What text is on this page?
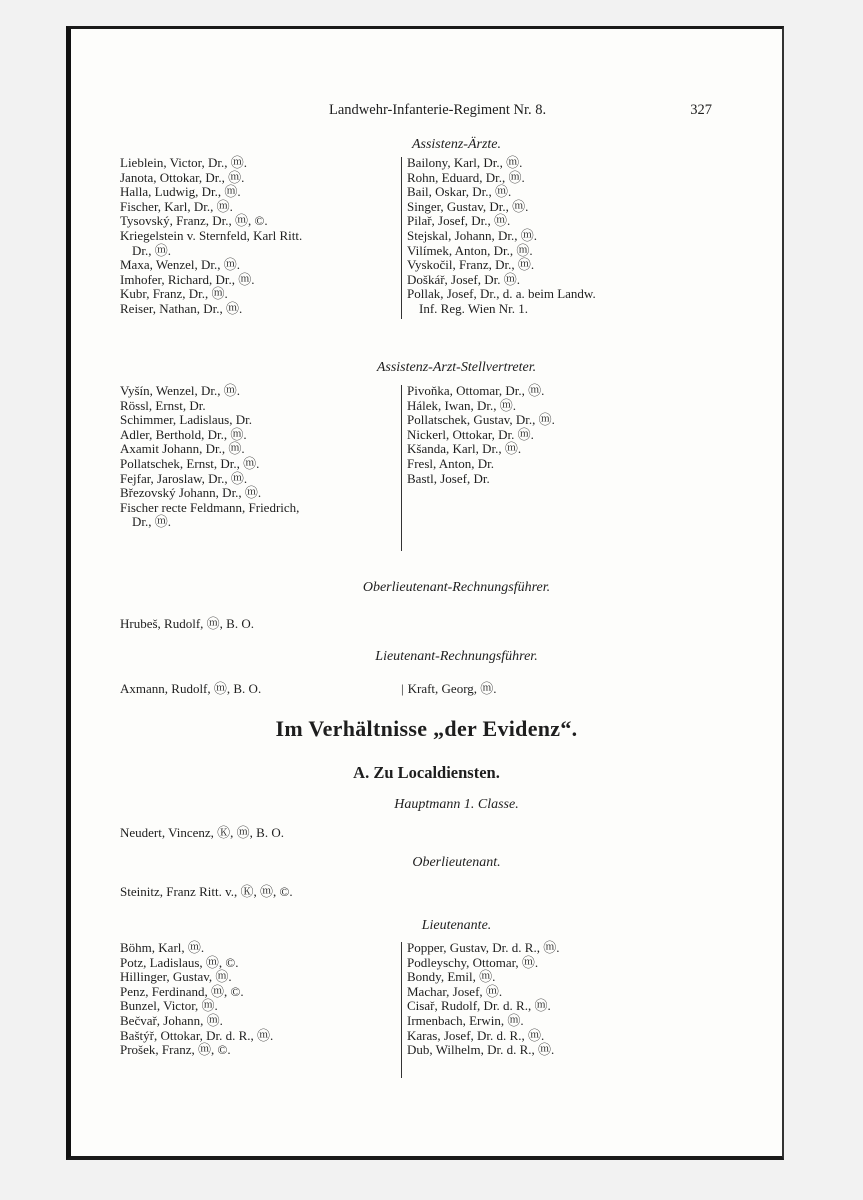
Landwehr-Infanterie-Regiment Nr. 8.	327
Assistenz-Ärzte.
Lieblein, Victor, Dr., ⓜ.
Janota, Ottokar, Dr., ⓜ.
Halla, Ludwig, Dr., ⓜ.
Fischer, Karl, Dr., ⓜ.
Tysovský, Franz, Dr., ⓜ, ©.
Kriegelstein v. Sternfeld, Karl Ritt.
Dr., ⓜ.
Maxa, Wenzel, Dr., ⓜ.
Imhofer, Richard, Dr., ⓜ.
Kubr, Franz, Dr., ⓜ.
Reiser, Nathan, Dr., ⓜ.
Bailony, Karl, Dr., ⓜ.
Rohn, Eduard, Dr., ⓜ.
Bail, Oskar, Dr., ⓜ.
Singer, Gustav, Dr., ⓜ.
Pilař, Josef, Dr., ⓜ.
Stejskal, Johann, Dr., ⓜ.
Vilímek, Anton, Dr., ⓜ.
Vyskočil, Franz, Dr., ⓜ.
Doškář, Josef, Dr. ⓜ.
Pollak, Josef, Dr., d. a. beim Landw.
Inf. Reg. Wien Nr. 1.
Assistenz-Arzt-Stellvertreter.
Vyšín, Wenzel, Dr., ⓜ.
Rössl, Ernst, Dr.
Schimmer, Ladislaus, Dr.
Adler, Berthold, Dr., ⓜ.
Axamit Johann, Dr., ⓜ.
Pollatschek, Ernst, Dr., ⓜ.
Fejfar, Jaroslaw, Dr., ⓜ.
Březovský Johann, Dr., ⓜ.
Fischer recte Feldmann, Friedrich,
Dr., ⓜ.
Pivoňka, Ottomar, Dr., ⓜ.
Hálek, Iwan, Dr., ⓜ.
Pollatschek, Gustav, Dr., ⓜ.
Nickerl, Ottokar, Dr. ⓜ.
Kšanda, Karl, Dr., ⓜ.
Fresl, Anton, Dr.
Bastl, Josef, Dr.
Oberlieutenant-Rechnungsführer.
Hrubeš, Rudolf, ⓜ, B. O.
Lieutenant-Rechnungsführer.
Axmann, Rudolf, ⓜ, B. O.	| Kraft, Georg, ⓜ.
Im Verhältnisse „der Evidenz“.
A. Zu Localdiensten.
Hauptmann 1. Classe.
Neudert, Vincenz, Ⓚ, ⓜ, B. O.
Oberlieutenant.
Steinitz, Franz Ritt. v., Ⓚ, ⓜ, ©.
Lieutenante.
Böhm, Karl, ⓜ.
Potz, Ladislaus, ⓜ, ©.
Hillinger, Gustav, ⓜ.
Penz, Ferdinand, ⓜ, ©.
Bunzel, Victor, ⓜ.
Bečvař, Johann, ⓜ.
Baštýř, Ottokar, Dr. d. R., ⓜ.
Prošek, Franz, ⓜ, ©.
Popper, Gustav, Dr. d. R., ⓜ.
Podleyschy, Ottomar, ⓜ.
Bondy, Emil, ⓜ.
Machar, Josef, ⓜ.
Cisař, Rudolf, Dr. d. R., ⓜ.
Irmenbach, Erwin, ⓜ.
Karas, Josef, Dr. d. R., ⓜ.
Dub, Wilhelm, Dr. d. R., ⓜ.
